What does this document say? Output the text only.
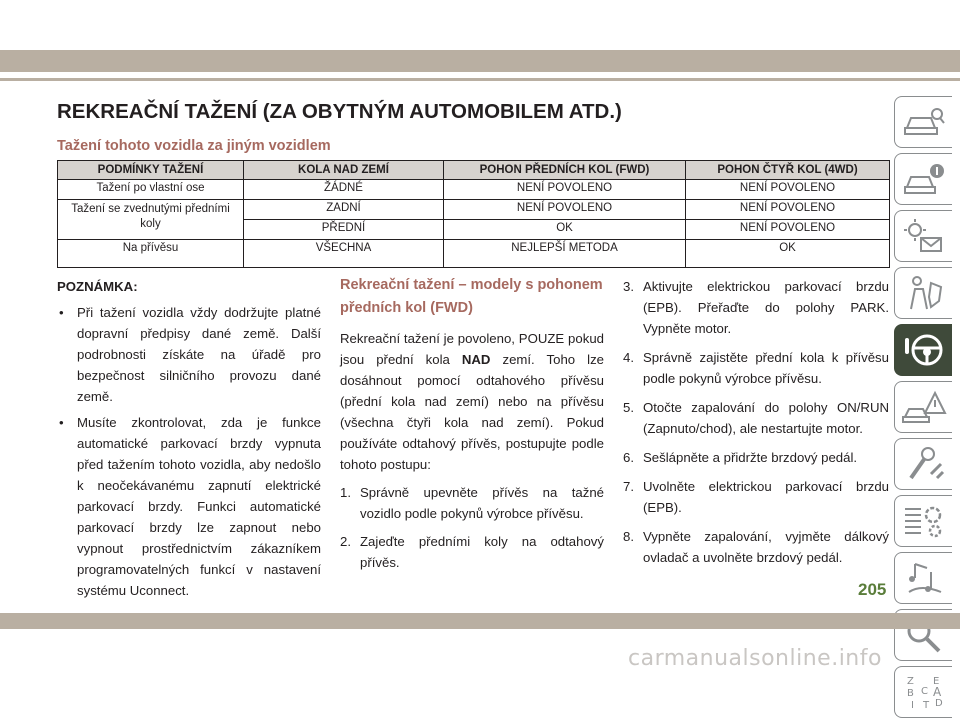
REKREAČNÍ TAŽENÍ (ZA OBYTNÝM AUTOMOBILEM ATD.)
Tažení tohoto vozidla za jiným vozidlem
PODMÍNKY TAŽENÍ	KOLA NAD ZEMÍ	POHON PŘEDNÍCH KOL (FWD)	POHON ČTYŘ KOL (4WD)
Tažení po vlastní ose	ŽÁDNÉ	NENÍ POVOLENO	NENÍ POVOLENO
Tažení se zvednutými předními koly	ZADNÍ	NENÍ POVOLENO	NENÍ POVOLENO
	PŘEDNÍ	OK	NENÍ POVOLENO
Na přívěsu	VŠECHNA	NEJLEPŠÍ METODA	OK

POZNÁMKA:

• Při tažení vozidla vždy dodržujte platné dopravní předpisy dané země. Další podrobnosti získáte na úřadě pro bezpečnost silničního provozu dané země.

• Musíte zkontrolovat, zda je funkce automatické parkovací brzdy vypnuta před tažením tohoto vozidla, aby nedošlo k neočekávanému zapnutí elektrické parkovací brzdy. Funkci automatické parkovací brzdy lze zapnout nebo vypnout prostřednictvím zákazníkem programovatelných funkcí v nastavení systému Uconnect.

Rekreační tažení – modely s pohonem předních kol (FWD)

Rekreační tažení je povoleno, POUZE pokud jsou přední kola NAD zemí. Toho lze dosáhnout pomocí odtahového přívěsu (přední kola nad zemí) nebo na přívěsu (všechna čtyři kola nad zemí). Pokud používáte odtahový přívěs, postupujte podle tohoto postupu:

1. Správně upevněte přívěs na tažné vozidlo podle pokynů výrobce přívěsu.

2. Zajeďte předními koly na odtahový přívěs.

3. Aktivujte elektrickou parkovací brzdu (EPB). Přeřaďte do polohy PARK. Vypněte motor.

4. Správně zajistěte přední kola k přívěsu podle pokynů výrobce přívěsu.

5. Otočte zapalování do polohy ON/RUN (Zapnuto/chod), ale nestartujte motor.

6. Sešlápněte a přidržte brzdový pedál.

7. Uvolněte elektrickou parkovací brzdu (EPB).

8. Vypněte zapalování, vyjměte dálkový ovladač a uvolněte brzdový pedál.

Z E
B C A
I T D
205
carmanualsonline.info
